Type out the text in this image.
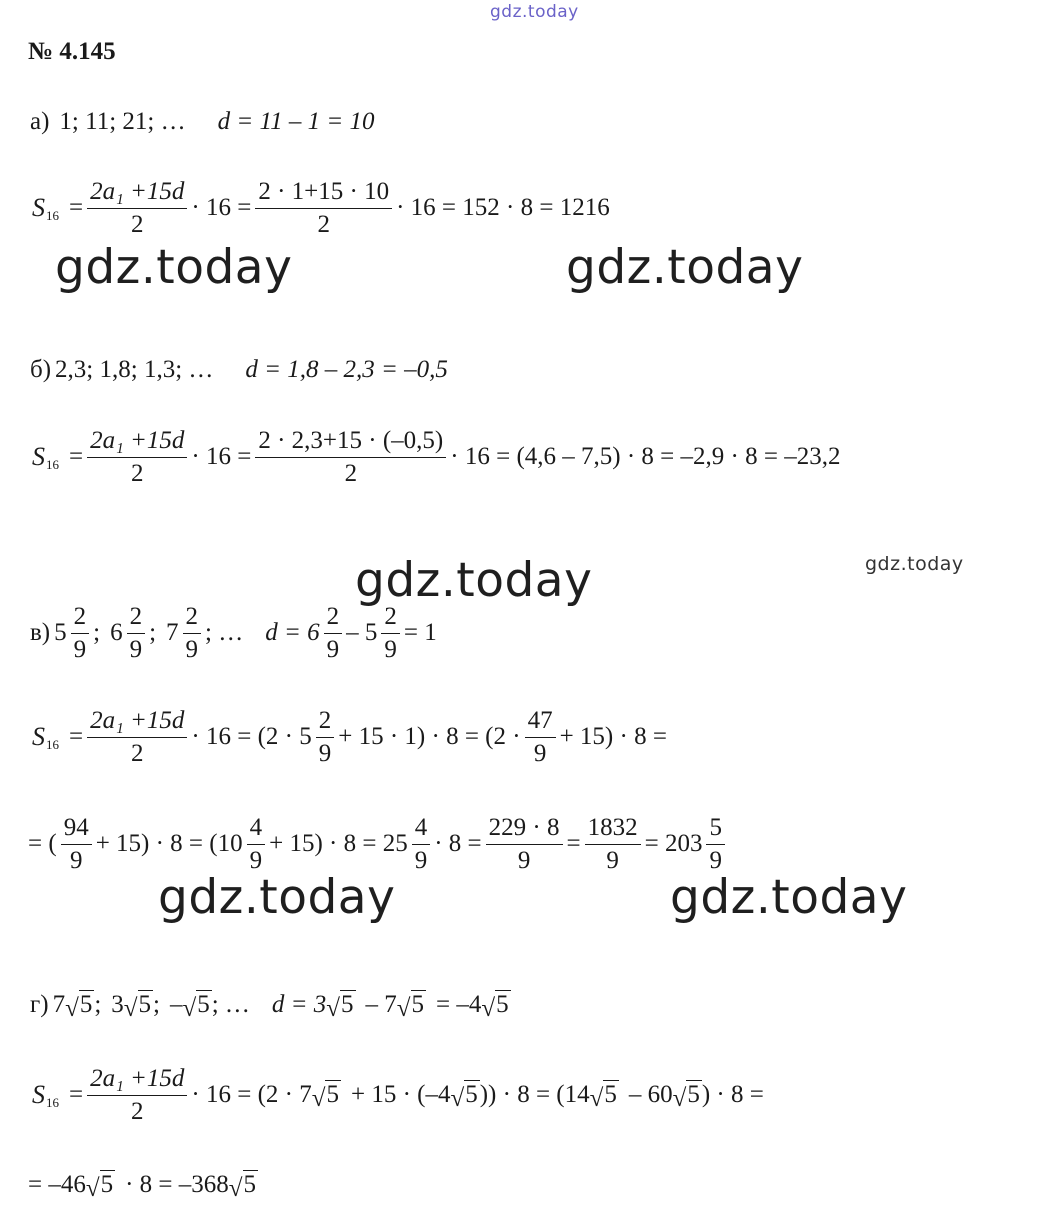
gdz.today
gdz.today	gdz.today
gdz.today	gdz.today
gdz.today	gdz.today
№ 4.145
а) 1; 11; 21; … d = 11 – 1 = 10
S $16 = \frac{\text{2a₁ +15d}}{2} \cdot 16 = \frac{2 \cdot 1+15 \cdot 10}{2} \cdot 16 = 152 \cdot 8 = 1216$
б) 2,3; 1,8; 1,3; … d = 1,8 – 2,3 = –0,5
S $16 = \frac{\text{2a₁ +15d}}{2} \cdot 16 = \frac{2 \cdot 2,3+15 \cdot (-0,5)}{2} \cdot 16 = (4,6 - 7,5) \cdot 8 = -2,9 \cdot 8 = -23,2$
в) $5 \frac{2}{9}$ ; $6 \frac{2}{9}$ ; $7 \frac{2}{9}$ ; … $d = 6 \frac{2}{9} - 5 \frac{2}{9} = 1$
S $16 = \frac{\text{2a₁ +15d}}{2} \cdot 16 = (2 \cdot 5 \frac{2}{9} + 15 \cdot 1) \cdot 8 = (2 \cdot \frac{47}{9} + 15) \cdot 8$ =
= ( $\frac{94}{9} + 15) \cdot 8 = (10 \frac{4}{9} + 15) \cdot 8 = 25 \frac{4}{9} \cdot 8 = \frac{229 \cdot 8}{9} = \frac{1832}{9} = 203 \frac{5}{9}$
г) 7 √ 5 ; 3 √ 5 ; – √ 5 ; … d = 3 √ 5 – 7 √ 5 = –4 √ 5
S $16 = \frac{\text{2a₁ +15d}}{2} \cdot 16 = (2 \cdot 7$ √ 5 + 15 · (–4 √ 5 )) · 8 = (14 √ 5 – 60 √ 5 ) · 8 =
= –46 √ 5 · 8 = –368 √ 5
